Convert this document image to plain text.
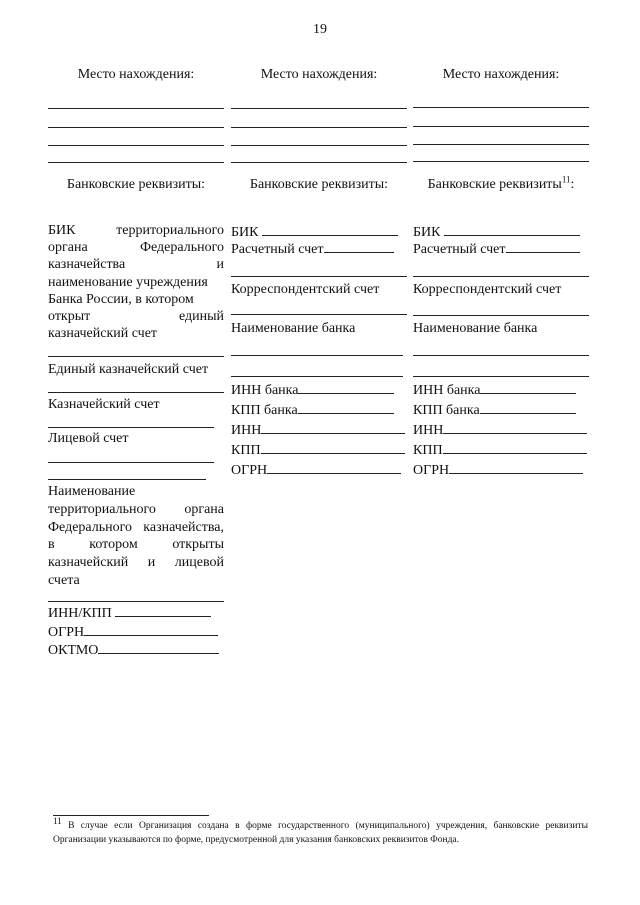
19
Место нахождения:	Место нахождения:	Место нахождения:
Банковские реквизиты:	Банковские реквизиты:	Банковские реквизиты$^{11}$:
БИК	территориального
органа	Федерального
казначейства	и
наименование учреждения
Банка России, в котором
открыт	единый
казначейский счет
Единый казначейский счет
Казначейский счет
Лицевой счет
Наименование территориального органа Федерального казначейства, в котором открыты казначейский и лицевой счета
ИНН/КПП
ОГРН
ОКТМО
БИК
Расчетный счет
Корреспондентский счет
Наименование банка
ИНН банка
КПП банка
ИНН
КПП
ОГРН
БИК
Расчетный счет
Корреспондентский счет
Наименование банка
ИНН банка
КПП банка
ИНН
КПП
ОГРН
$^{11}$ В случае если Организация создана в форме государственного (муниципального) учреждения, банковские реквизиты Организации указываются по форме, предусмотренной для указания банковских реквизитов Фонда.
